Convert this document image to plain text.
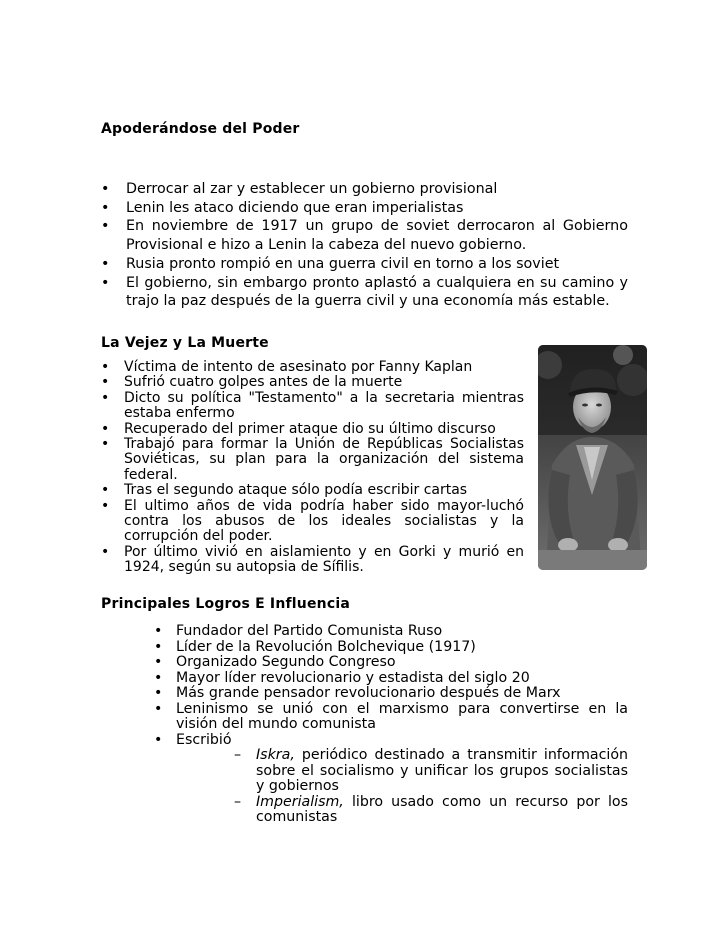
Apoderándose del Poder
• Derrocar al zar y establecer un gobierno provisional
• Lenin les ataco diciendo que eran imperialistas
• En noviembre de 1917 un grupo de soviet derrocaron al Gobierno Provisional e hizo a Lenin la cabeza del nuevo gobierno.
• Rusia pronto rompió en una guerra civil en torno a los soviet
• El gobierno, sin embargo pronto aplastó a cualquiera en su camino y trajo la paz después de la guerra civil y una economía más estable.
La Vejez y La Muerte
• Víctima de intento de asesinato por Fanny Kaplan
• Sufrió cuatro golpes antes de la muerte
• Dicto su política "Testamento" a la secretaria mientras estaba enfermo
• Recuperado del primer ataque dio su último discurso
• Trabajó para formar la Unión de Repúblicas Socialistas Soviéticas, su plan para la organización del sistema federal.
• Tras el segundo ataque sólo podía escribir cartas
• El ultimo años de vida podría haber sido mayor-luchó contra los abusos de los ideales socialistas y la corrupción del poder.
• Por último vivió en aislamiento y en Gorki y murió en 1924, según su autopsia de Sífilis.
Principales Logros E Influencia
• Fundador del Partido Comunista Ruso
• Líder de la Revolución Bolchevique (1917)
• Organizado Segundo Congreso
• Mayor líder revolucionario y estadista del siglo 20
• Más grande pensador revolucionario después de Marx
• Leninismo se unió con el marxismo para convertirse en la visión del mundo comunista
• Escribió
– Iskra, periódico destinado a transmitir información sobre el socialismo y unificar los grupos socialistas y gobiernos
– Imperialism, libro usado como un recurso por los comunistas
